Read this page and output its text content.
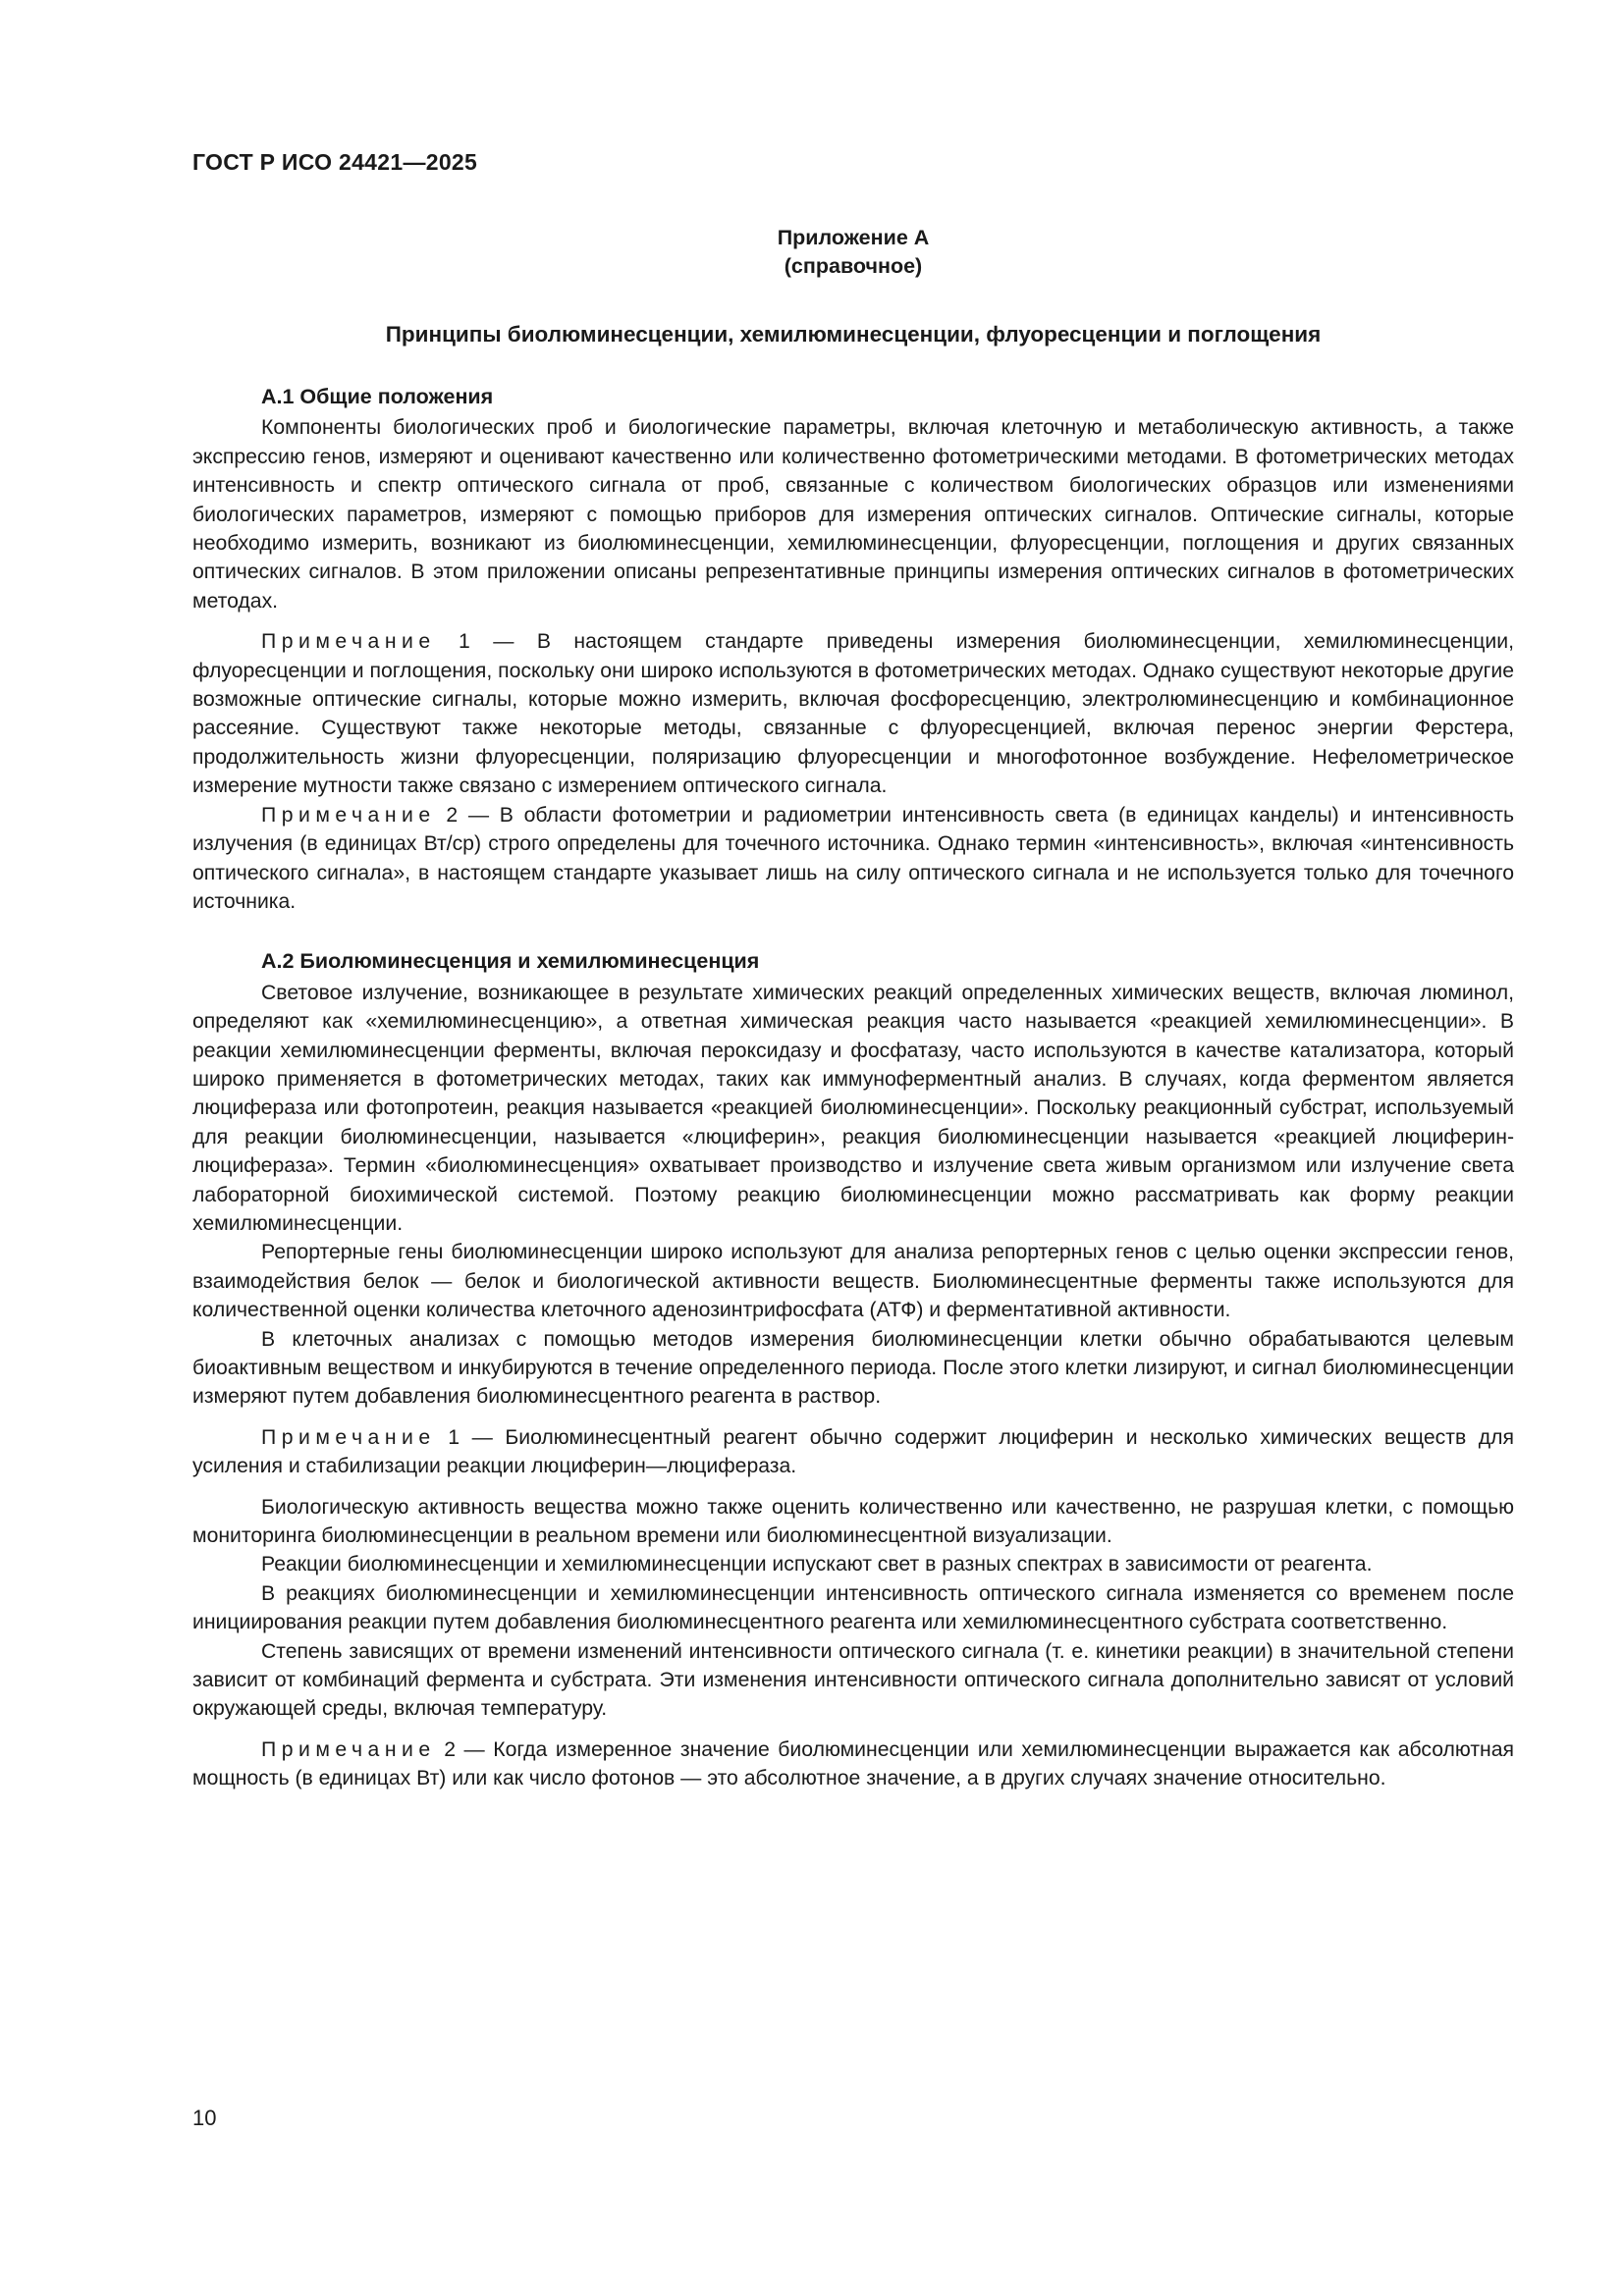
ГОСТ Р ИСО 24421—2025
Приложение А
(справочное)
Принципы биолюминесценции, хемилюминесценции, флуоресценции и поглощения
А.1 Общие положения

Компоненты биологических проб и биологические параметры, включая клеточную и метаболическую активность, а также экспрессию генов, измеряют и оценивают качественно или количественно фотометрическими методами. В фотометрических методах интенсивность и спектр оптического сигнала от проб, связанные с количеством биологических образцов или изменениями биологических параметров, измеряют с помощью приборов для измерения оптических сигналов. Оптические сигналы, которые необходимо измерить, возникают из биолюминесценции, хемилюминесценции, флуоресценции, поглощения и других связанных оптических сигналов. В этом приложении описаны репрезентативные принципы измерения оптических сигналов в фотометрических методах.

Примечание 1 — В настоящем стандарте приведены измерения биолюминесценции, хемилюминесценции, флуоресценции и поглощения, поскольку они широко используются в фотометрических методах. Однако существуют некоторые другие возможные оптические сигналы, которые можно измерить, включая фосфоресценцию, электролюминесценцию и комбинационное рассеяние. Существуют также некоторые методы, связанные с флуоресценцией, включая перенос энергии Ферстера, продолжительность жизни флуоресценции, поляризацию флуоресценции и многофотонное возбуждение. Нефелометрическое измерение мутности также связано с измерением оптического сигнала.

Примечание 2 — В области фотометрии и радиометрии интенсивность света (в единицах канделы) и интенсивность излучения (в единицах Вт/ср) строго определены для точечного источника. Однако термин «интенсивность», включая «интенсивность оптического сигнала», в настоящем стандарте указывает лишь на силу оптического сигнала и не используется только для точечного источника.

А.2 Биолюминесценция и хемилюминесценция

Световое излучение, возникающее в результате химических реакций определенных химических веществ, включая люминол, определяют как «хемилюминесценцию», а ответная химическая реакция часто называется «реакцией хемилюминесценции». В реакции хемилюминесценции ферменты, включая пероксидазу и фосфатазу, часто используются в качестве катализатора, который широко применяется в фотометрических методах, таких как иммуноферментный анализ. В случаях, когда ферментом является люцифераза или фотопротеин, реакция называется «реакцией биолюминесценции». Поскольку реакционный субстрат, используемый для реакции биолюминесценции, называется «люциферин», реакция биолюминесценции называется «реакцией люциферин-люцифераза». Термин «биолюминесценция» охватывает производство и излучение света живым организмом или излучение света лабораторной биохимической системой. Поэтому реакцию биолюминесценции можно рассматривать как форму реакции хемилюминесценции.

Репортерные гены биолюминесценции широко используют для анализа репортерных генов с целью оценки экспрессии генов, взаимодействия белок — белок и биологической активности веществ. Биолюминесцентные ферменты также используются для количественной оценки количества клеточного аденозинтрифосфата (АТФ) и ферментативной активности.

В клеточных анализах с помощью методов измерения биолюминесценции клетки обычно обрабатываются целевым биоактивным веществом и инкубируются в течение определенного периода. После этого клетки лизируют, и сигнал биолюминесценции измеряют путем добавления биолюминесцентного реагента в раствор.

Примечание 1 — Биолюминесцентный реагент обычно содержит люциферин и несколько химических веществ для усиления и стабилизации реакции люциферин—люцифераза.

Биологическую активность вещества можно также оценить количественно или качественно, не разрушая клетки, с помощью мониторинга биолюминесценции в реальном времени или биолюминесцентной визуализации.

Реакции биолюминесценции и хемилюминесценции испускают свет в разных спектрах в зависимости от реагента.

В реакциях биолюминесценции и хемилюминесценции интенсивность оптического сигнала изменяется со временем после инициирования реакции путем добавления биолюминесцентного реагента или хемилюминесцентного субстрата соответственно.

Степень зависящих от времени изменений интенсивности оптического сигнала (т. е. кинетики реакции) в значительной степени зависит от комбинаций фермента и субстрата. Эти изменения интенсивности оптического сигнала дополнительно зависят от условий окружающей среды, включая температуру.

Примечание 2 — Когда измеренное значение биолюминесценции или хемилюминесценции выражается как абсолютная мощность (в единицах Вт) или как число фотонов — это абсолютное значение, а в других случаях значение относительно.

10
